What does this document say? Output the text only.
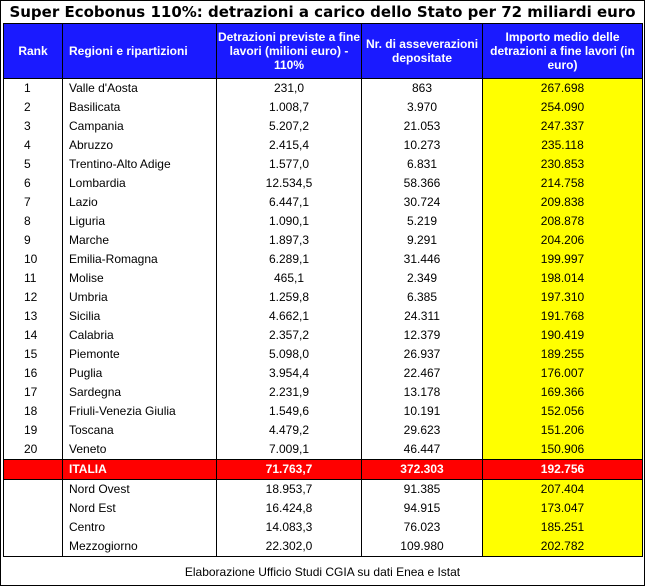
Super Ecobonus 110%: detrazioni a carico dello Stato per 72 miliardi euro
Rank	Regioni e ripartizioni	Detrazioni previste a fine lavori (milioni euro) - 110%	Nr. di asseverazioni depositate	Importo medio delle detrazioni a fine lavori (in euro)
1	Valle d'Aosta	231,0	863	267.698
2	Basilicata	1.008,7	3.970	254.090
3	Campania	5.207,2	21.053	247.337
4	Abruzzo	2.415,4	10.273	235.118
5	Trentino-Alto Adige	1.577,0	6.831	230.853
6	Lombardia	12.534,5	58.366	214.758
7	Lazio	6.447,1	30.724	209.838
8	Liguria	1.090,1	5.219	208.878
9	Marche	1.897,3	9.291	204.206
10	Emilia-Romagna	6.289,1	31.446	199.997
11	Molise	465,1	2.349	198.014
12	Umbria	1.259,8	6.385	197.310
13	Sicilia	4.662,1	24.311	191.768
14	Calabria	2.357,2	12.379	190.419
15	Piemonte	5.098,0	26.937	189.255
16	Puglia	3.954,4	22.467	176.007
17	Sardegna	2.231,9	13.178	169.366
18	Friuli-Venezia Giulia	1.549,6	10.191	152.056
19	Toscana	4.479,2	29.623	151.206
20	Veneto	7.009,1	46.447	150.906
	ITALIA	71.763,7	372.303	192.756
	Nord Ovest	18.953,7	91.385	207.404
	Nord Est	16.424,8	94.915	173.047
	Centro	14.083,3	76.023	185.251
	Mezzogiorno	22.302,0	109.980	202.782
Elaborazione Ufficio Studi CGIA su dati Enea e Istat
